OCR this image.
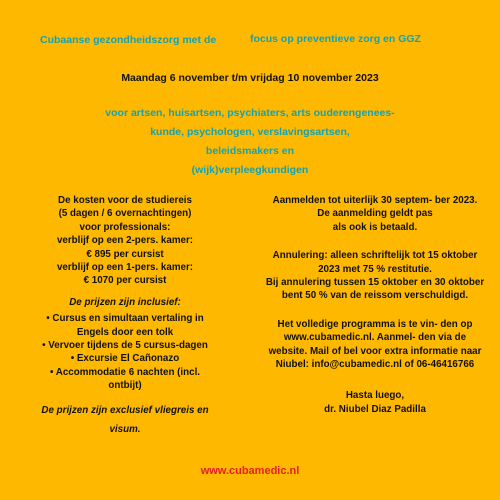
Cubaanse gezondheidszorg met de	focus op preventieve zorg en GGZ
Maandag 6 november t/m vrijdag 10 november 2023
voor artsen, huisartsen, psychiaters, arts ouderengenees-
kunde, psychologen, verslavingsartsen,
beleidsmakers en
(wijk)verpleegkundigen
De kosten voor de studiereis
(5 dagen / 6 overnachtingen)
voor professionals:
verblijf op een 2-pers. kamer:
€ 895 per cursist
verblijf op een 1-pers. kamer:
€ 1070 per cursist
De prijzen zijn inclusief:
• Cursus en simultaan vertaling in
Engels door een tolk
• Vervoer tijdens de 5 cursus-dagen
• Excursie El Cañonazo
• Accommodatie 6 nachten (incl.
ontbijt)
De prijzen zijn exclusief vliegreis en
visum.
Aanmelden tot uiterlijk 30 septem- ber 2023.
De aanmelding geldt pas
als ook is betaald.
Annulering: alleen schriftelijk tot 15 oktober
2023 met 75 % restitutie.
Bij annulering tussen 15 oktober en 30 oktober
bent 50 % van de reissom verschuldigd.
Het volledige programma is te vin- den op
www.cubamedic.nl. Aanmel- den via de
website. Mail of bel voor extra informatie naar
Niubel: info@cubamedic.nl of 06-46416766
Hasta luego,
dr. Niubel Diaz Padilla
www.cubamedic.nl
